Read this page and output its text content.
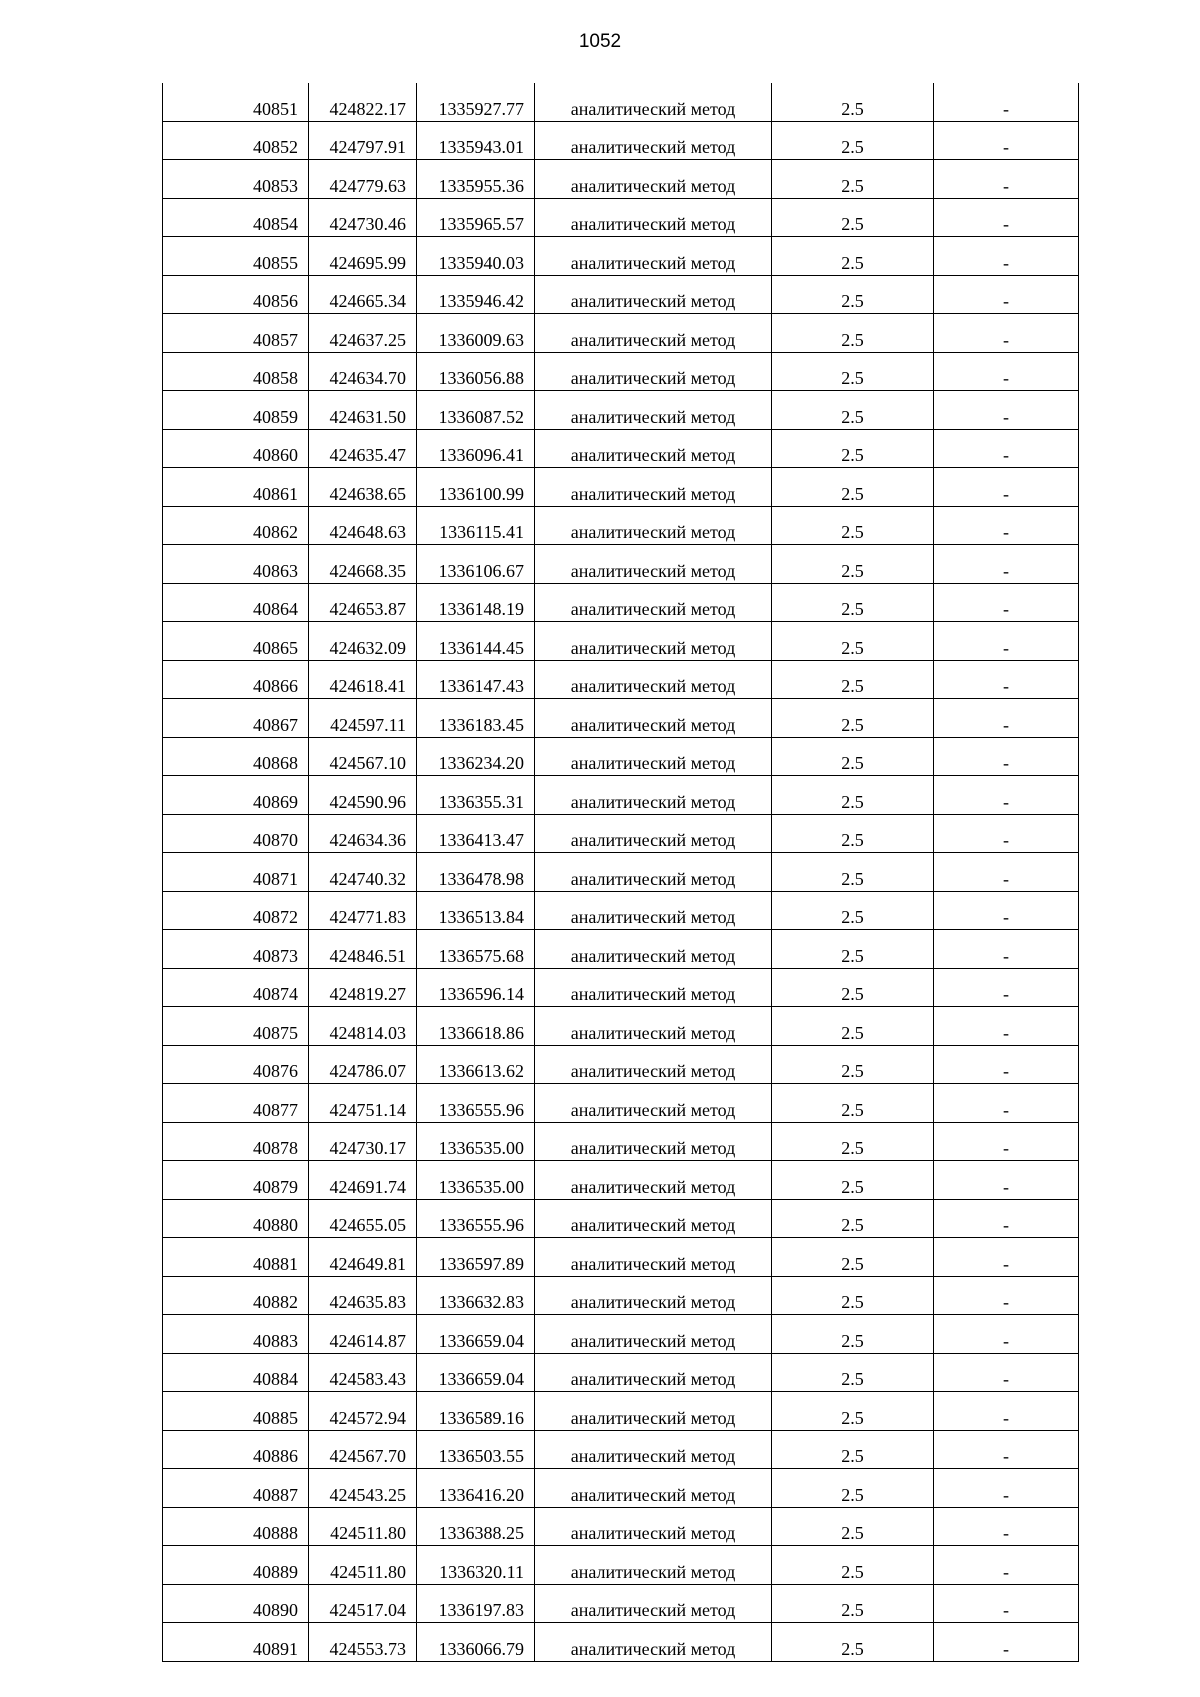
1052
40851	424822.17	1335927.77	аналитический метод	2.5	-
40852	424797.91	1335943.01	аналитический метод	2.5	-
40853	424779.63	1335955.36	аналитический метод	2.5	-
40854	424730.46	1335965.57	аналитический метод	2.5	-
40855	424695.99	1335940.03	аналитический метод	2.5	-
40856	424665.34	1335946.42	аналитический метод	2.5	-
40857	424637.25	1336009.63	аналитический метод	2.5	-
40858	424634.70	1336056.88	аналитический метод	2.5	-
40859	424631.50	1336087.52	аналитический метод	2.5	-
40860	424635.47	1336096.41	аналитический метод	2.5	-
40861	424638.65	1336100.99	аналитический метод	2.5	-
40862	424648.63	1336115.41	аналитический метод	2.5	-
40863	424668.35	1336106.67	аналитический метод	2.5	-
40864	424653.87	1336148.19	аналитический метод	2.5	-
40865	424632.09	1336144.45	аналитический метод	2.5	-
40866	424618.41	1336147.43	аналитический метод	2.5	-
40867	424597.11	1336183.45	аналитический метод	2.5	-
40868	424567.10	1336234.20	аналитический метод	2.5	-
40869	424590.96	1336355.31	аналитический метод	2.5	-
40870	424634.36	1336413.47	аналитический метод	2.5	-
40871	424740.32	1336478.98	аналитический метод	2.5	-
40872	424771.83	1336513.84	аналитический метод	2.5	-
40873	424846.51	1336575.68	аналитический метод	2.5	-
40874	424819.27	1336596.14	аналитический метод	2.5	-
40875	424814.03	1336618.86	аналитический метод	2.5	-
40876	424786.07	1336613.62	аналитический метод	2.5	-
40877	424751.14	1336555.96	аналитический метод	2.5	-
40878	424730.17	1336535.00	аналитический метод	2.5	-
40879	424691.74	1336535.00	аналитический метод	2.5	-
40880	424655.05	1336555.96	аналитический метод	2.5	-
40881	424649.81	1336597.89	аналитический метод	2.5	-
40882	424635.83	1336632.83	аналитический метод	2.5	-
40883	424614.87	1336659.04	аналитический метод	2.5	-
40884	424583.43	1336659.04	аналитический метод	2.5	-
40885	424572.94	1336589.16	аналитический метод	2.5	-
40886	424567.70	1336503.55	аналитический метод	2.5	-
40887	424543.25	1336416.20	аналитический метод	2.5	-
40888	424511.80	1336388.25	аналитический метод	2.5	-
40889	424511.80	1336320.11	аналитический метод	2.5	-
40890	424517.04	1336197.83	аналитический метод	2.5	-
40891	424553.73	1336066.79	аналитический метод	2.5	-
